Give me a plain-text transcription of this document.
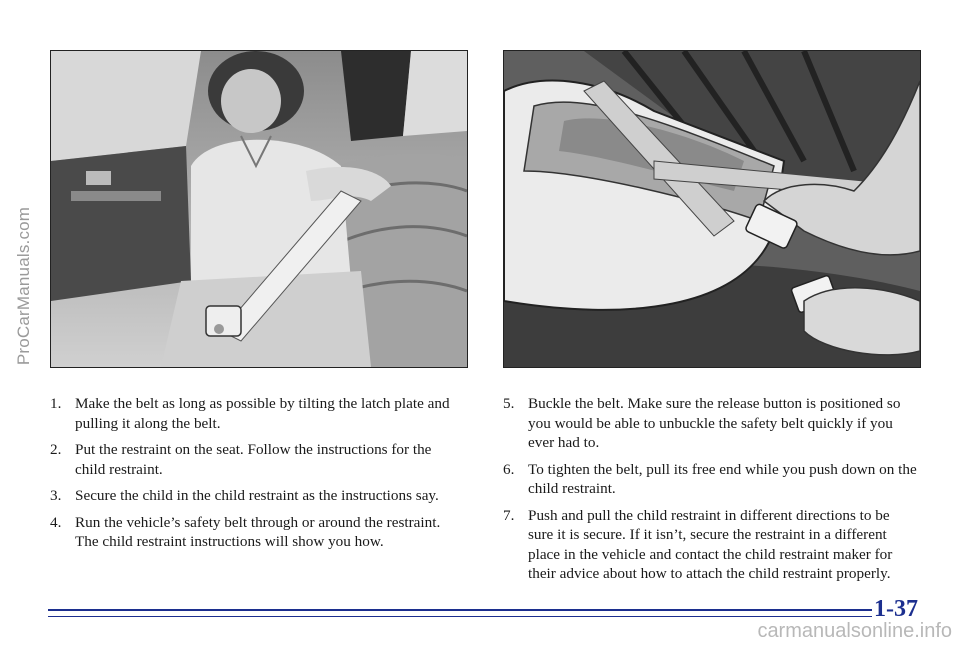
ProCarManuals.com
1. Make the belt as long as possible by tilting the latch plate and pulling it along the belt.
2. Put the restraint on the seat. Follow the instructions for the child restraint.
3. Secure the child in the child restraint as the instructions say.
4. Run the vehicle’s safety belt through or around the restraint. The child restraint instructions will show you how.
5. Buckle the belt. Make sure the release button is positioned so you would be able to unbuckle the safety belt quickly if you ever had to.
6. To tighten the belt, pull its free end while you push down on the child restraint.
7. Push and pull the child restraint in different directions to be sure it is secure. If it isn’t, secure the restraint in a different place in the vehicle and contact the child restraint maker for their advice about how to attach the child restraint properly.
1-37
carmanualsonline.info
